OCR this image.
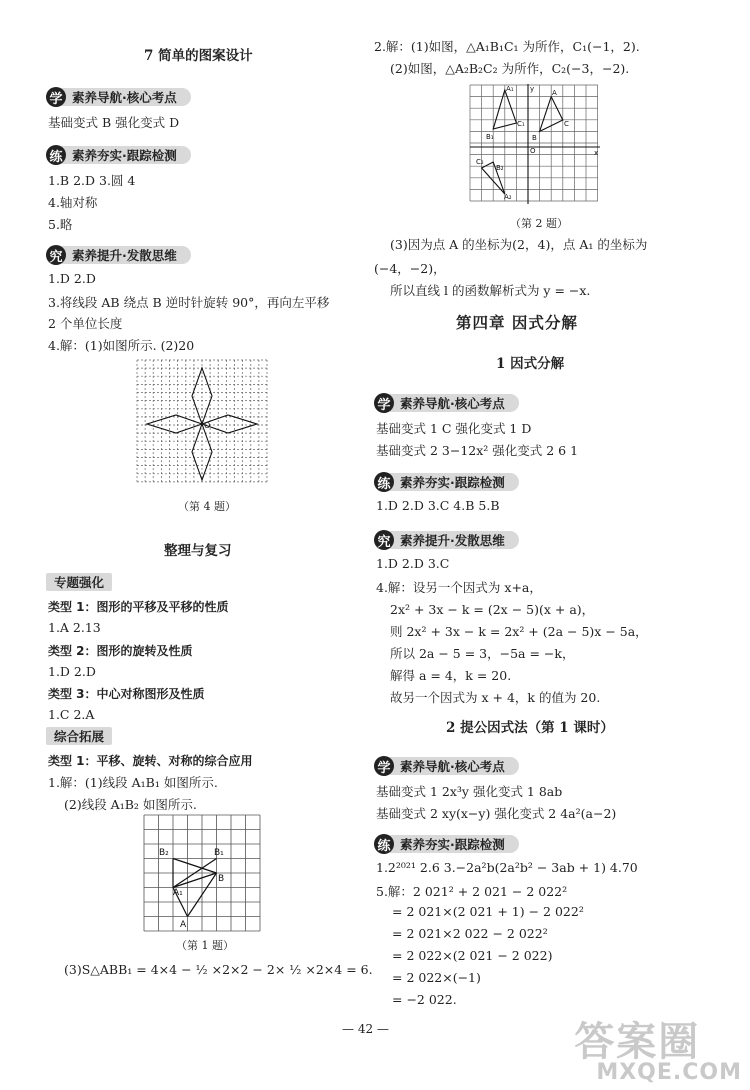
7 简单的图案设计
学 素养导航·核心考点
基础变式 B 强化变式 D
练 素养夯实·跟踪检测
1.B 2.D 3.圆 4
4.轴对称
5.略
究 素养提升·发散思维
1.D 2.D
3.将线段 AB 绕点 B 逆时针旋转 90°，再向左平移
2 个单位长度
4.解：(1)如图所示. (2)20
O
（第 4 题）
整理与复习
专题强化
类型 1：图形的平移及平移的性质
1.A 2.13
类型 2：图形的旋转及性质
1.D 2.D
类型 3：中心对称图形及性质
1.C 2.A
综合拓展
类型 1：平移、旋转、对称的综合应用
1.解：(1)线段 A₁B₁ 如图所示.
(2)线段 A₁B₂ 如图所示.
B₂	B₁
B
A₁
A
（第 1 题）
(3)S△ABB₁ = 4×4 − ½ ×2×2 − 2× ½ ×2×4 = 6.
2.解：(1)如图，△A₁B₁C₁ 为所作，C₁(−1，2).
(2)如图，△A₂B₂C₂ 为所作，C₂(−3，−2).
O	x
y	A
C
B
A₁
C₁
B₁
C₂
A₂
B₂
（第 2 题）
(3)因为点 A 的坐标为(2，4)，点 A₁ 的坐标为
(−4，−2)，
所以直线 l 的函数解析式为 y = −x.
第四章 因式分解
1 因式分解
学 素养导航·核心考点
基础变式 1 C 强化变式 1 D
基础变式 2 3−12x² 强化变式 2 6 1
练 素养夯实·跟踪检测
1.D 2.D 3.C 4.B 5.B
究 素养提升·发散思维
1.D 2.D 3.C
4.解：设另一个因式为 x+a，
2x² + 3x − k = (2x − 5)(x + a)，
则 2x² + 3x − k = 2x² + (2a − 5)x − 5a，
所以 2a − 5 = 3，−5a = −k，
解得 a = 4，k = 20.
故另一个因式为 x + 4，k 的值为 20.
2 提公因式法（第 1 课时）
学 素养导航·核心考点
基础变式 1 2x³y 强化变式 1 8ab
基础变式 2 xy(x−y) 强化变式 2 4a²(a−2)
练 素养夯实·跟踪检测
1.2²⁰²¹ 2.6 3.−2a²b(2a²b² − 3ab + 1) 4.70
5.解：2 021² + 2 021 − 2 022²
= 2 021×(2 021 + 1) − 2 022²
= 2 021×2 022 − 2 022²
= 2 022×(2 021 − 2 022)
= 2 022×(−1)
= −2 022.
— 42 —	答案圈
MXQE.COM
